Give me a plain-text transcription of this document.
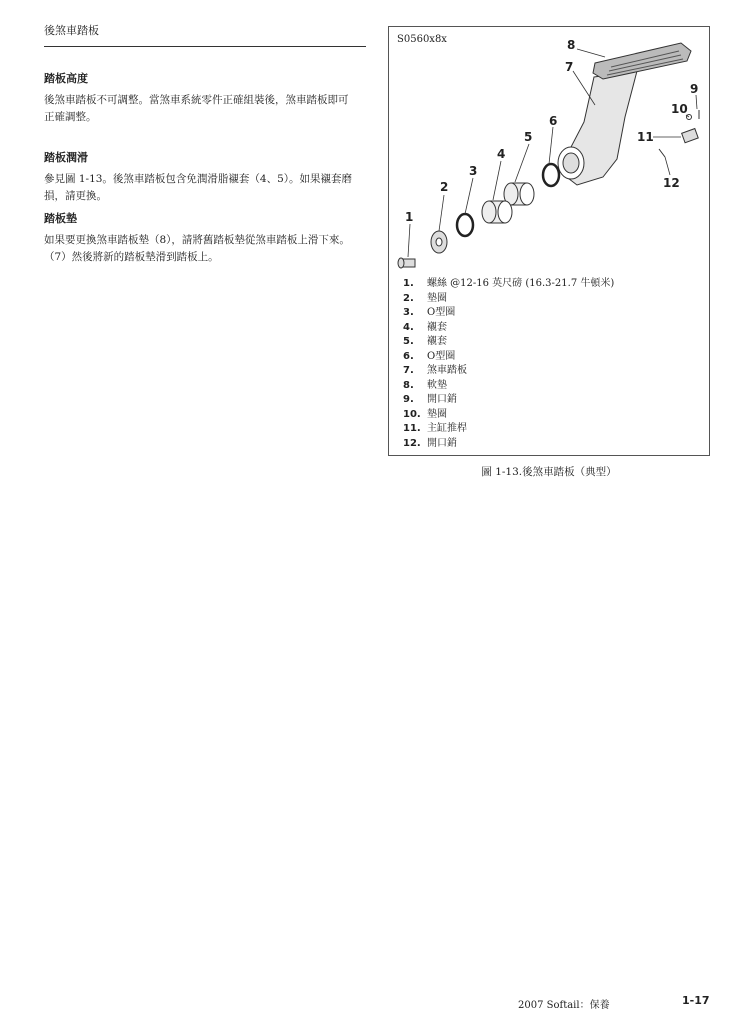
後煞車踏板
踏板高度
後煞車踏板不可調整。當煞車系統零件正確組裝後，煞車踏板即可
正確調整。
踏板潤滑
參見圖 1-13。後煞車踏板包含免潤滑脂襯套（4、5）。如果襯套磨
損，請更換。
踏板墊
如果要更換煞車踏板墊（8），請將舊踏板墊從煞車踏板上滑下來。
（7）然後將新的踏板墊滑到踏板上。
S0560x8x
1
2
3
4
5
6
7
8
9
10
11
12
1. 螺絲 @12-16 英尺磅 (16.3-21.7 牛頓米)
2. 墊圈
3. O型圈
4. 襯套
5. 襯套
6. O型圈
7. 煞車踏板
8. 軟墊
9. 開口銷
10. 墊圈
11. 主缸推桿
12. 開口銷
圖 1-13.後煞車踏板（典型）
2007 Softail：保養	1-17
